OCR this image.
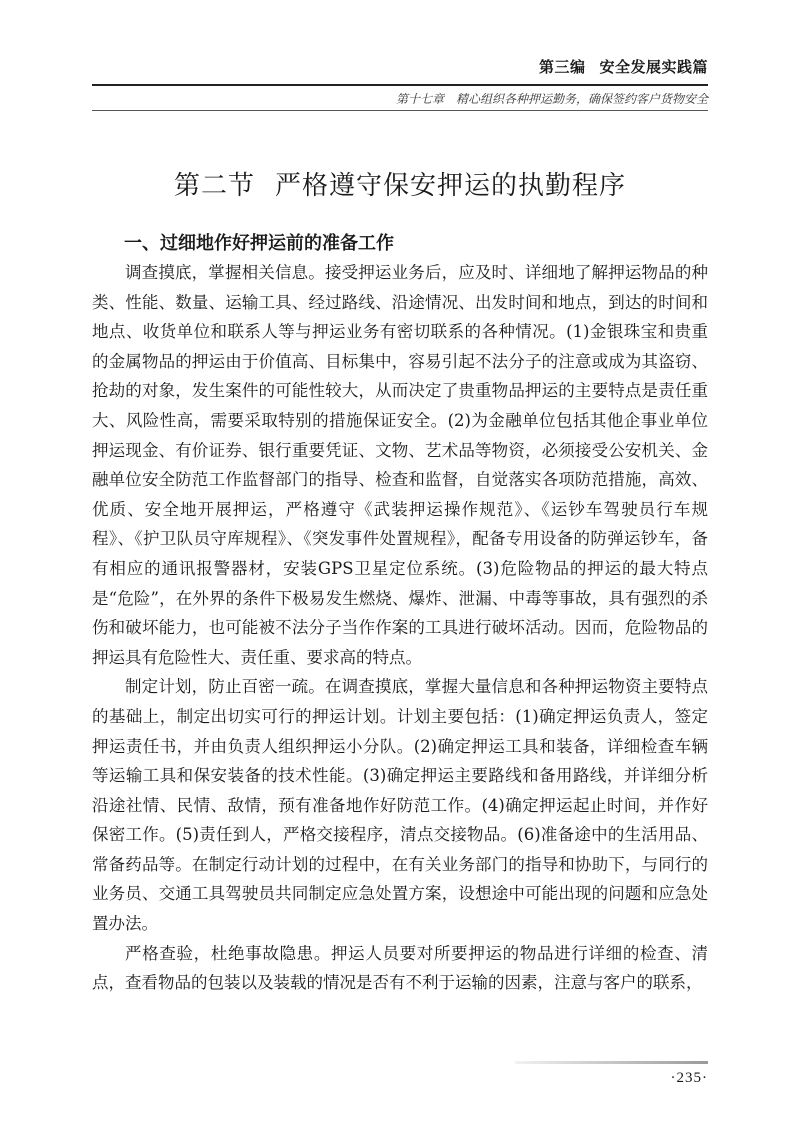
第三编 安全发展实践篇
第十七章 精心组织各种押运勤务，确保签约客户货物安全
第二节 严格遵守保安押运的执勤程序
一、过细地作好押运前的准备工作

调查摸底，掌握相关信息。接受押运业务后，应及时、详细地了解押运物品的种类、性能、数量、运输工具、经过路线、沿途情况、出发时间和地点，到达的时间和地点、收货单位和联系人等与押运业务有密切联系的各种情况。(1)金银珠宝和贵重的金属物品的押运由于价值高、目标集中，容易引起不法分子的注意或成为其盗窃、抢劫的对象，发生案件的可能性较大，从而决定了贵重物品押运的主要特点是责任重大、风险性高，需要采取特别的措施保证安全。(2)为金融单位包括其他企事业单位押运现金、有价证券、银行重要凭证、文物、艺术品等物资，必须接受公安机关、金融单位安全防范工作监督部门的指导、检查和监督，自觉落实各项防范措施，高效、优质、安全地开展押运，严格遵守《武装押运操作规范》、《运钞车驾驶员行车规程》、《护卫队员守库规程》、《突发事件处置规程》，配备专用设备的防弹运钞车，备有相应的通讯报警器材，安装GPS卫星定位系统。(3)危险物品的押运的最大特点是“危险”，在外界的条件下极易发生燃烧、爆炸、泄漏、中毒等事故，具有强烈的杀伤和破坏能力，也可能被不法分子当作作案的工具进行破坏活动。因而，危险物品的押运具有危险性大、责任重、要求高的特点。

制定计划，防止百密一疏。在调查摸底，掌握大量信息和各种押运物资主要特点的基础上，制定出切实可行的押运计划。计划主要包括：(1)确定押运负责人，签定押运责任书，并由负责人组织押运小分队。(2)确定押运工具和装备，详细检查车辆等运输工具和保安装备的技术性能。(3)确定押运主要路线和备用路线，并详细分析沿途社情、民情、敌情，预有准备地作好防范工作。(4)确定押运起止时间，并作好保密工作。(5)责任到人，严格交接程序，清点交接物品。(6)准备途中的生活用品、常备药品等。在制定行动计划的过程中，在有关业务部门的指导和协助下，与同行的业务员、交通工具驾驶员共同制定应急处置方案，设想途中可能出现的问题和应急处置办法。

严格查验，杜绝事故隐患。押运人员要对所要押运的物品进行详细的检查、清点，查看物品的包装以及装载的情况是否有不利于运输的因素，注意与客户的联系，

·235·
